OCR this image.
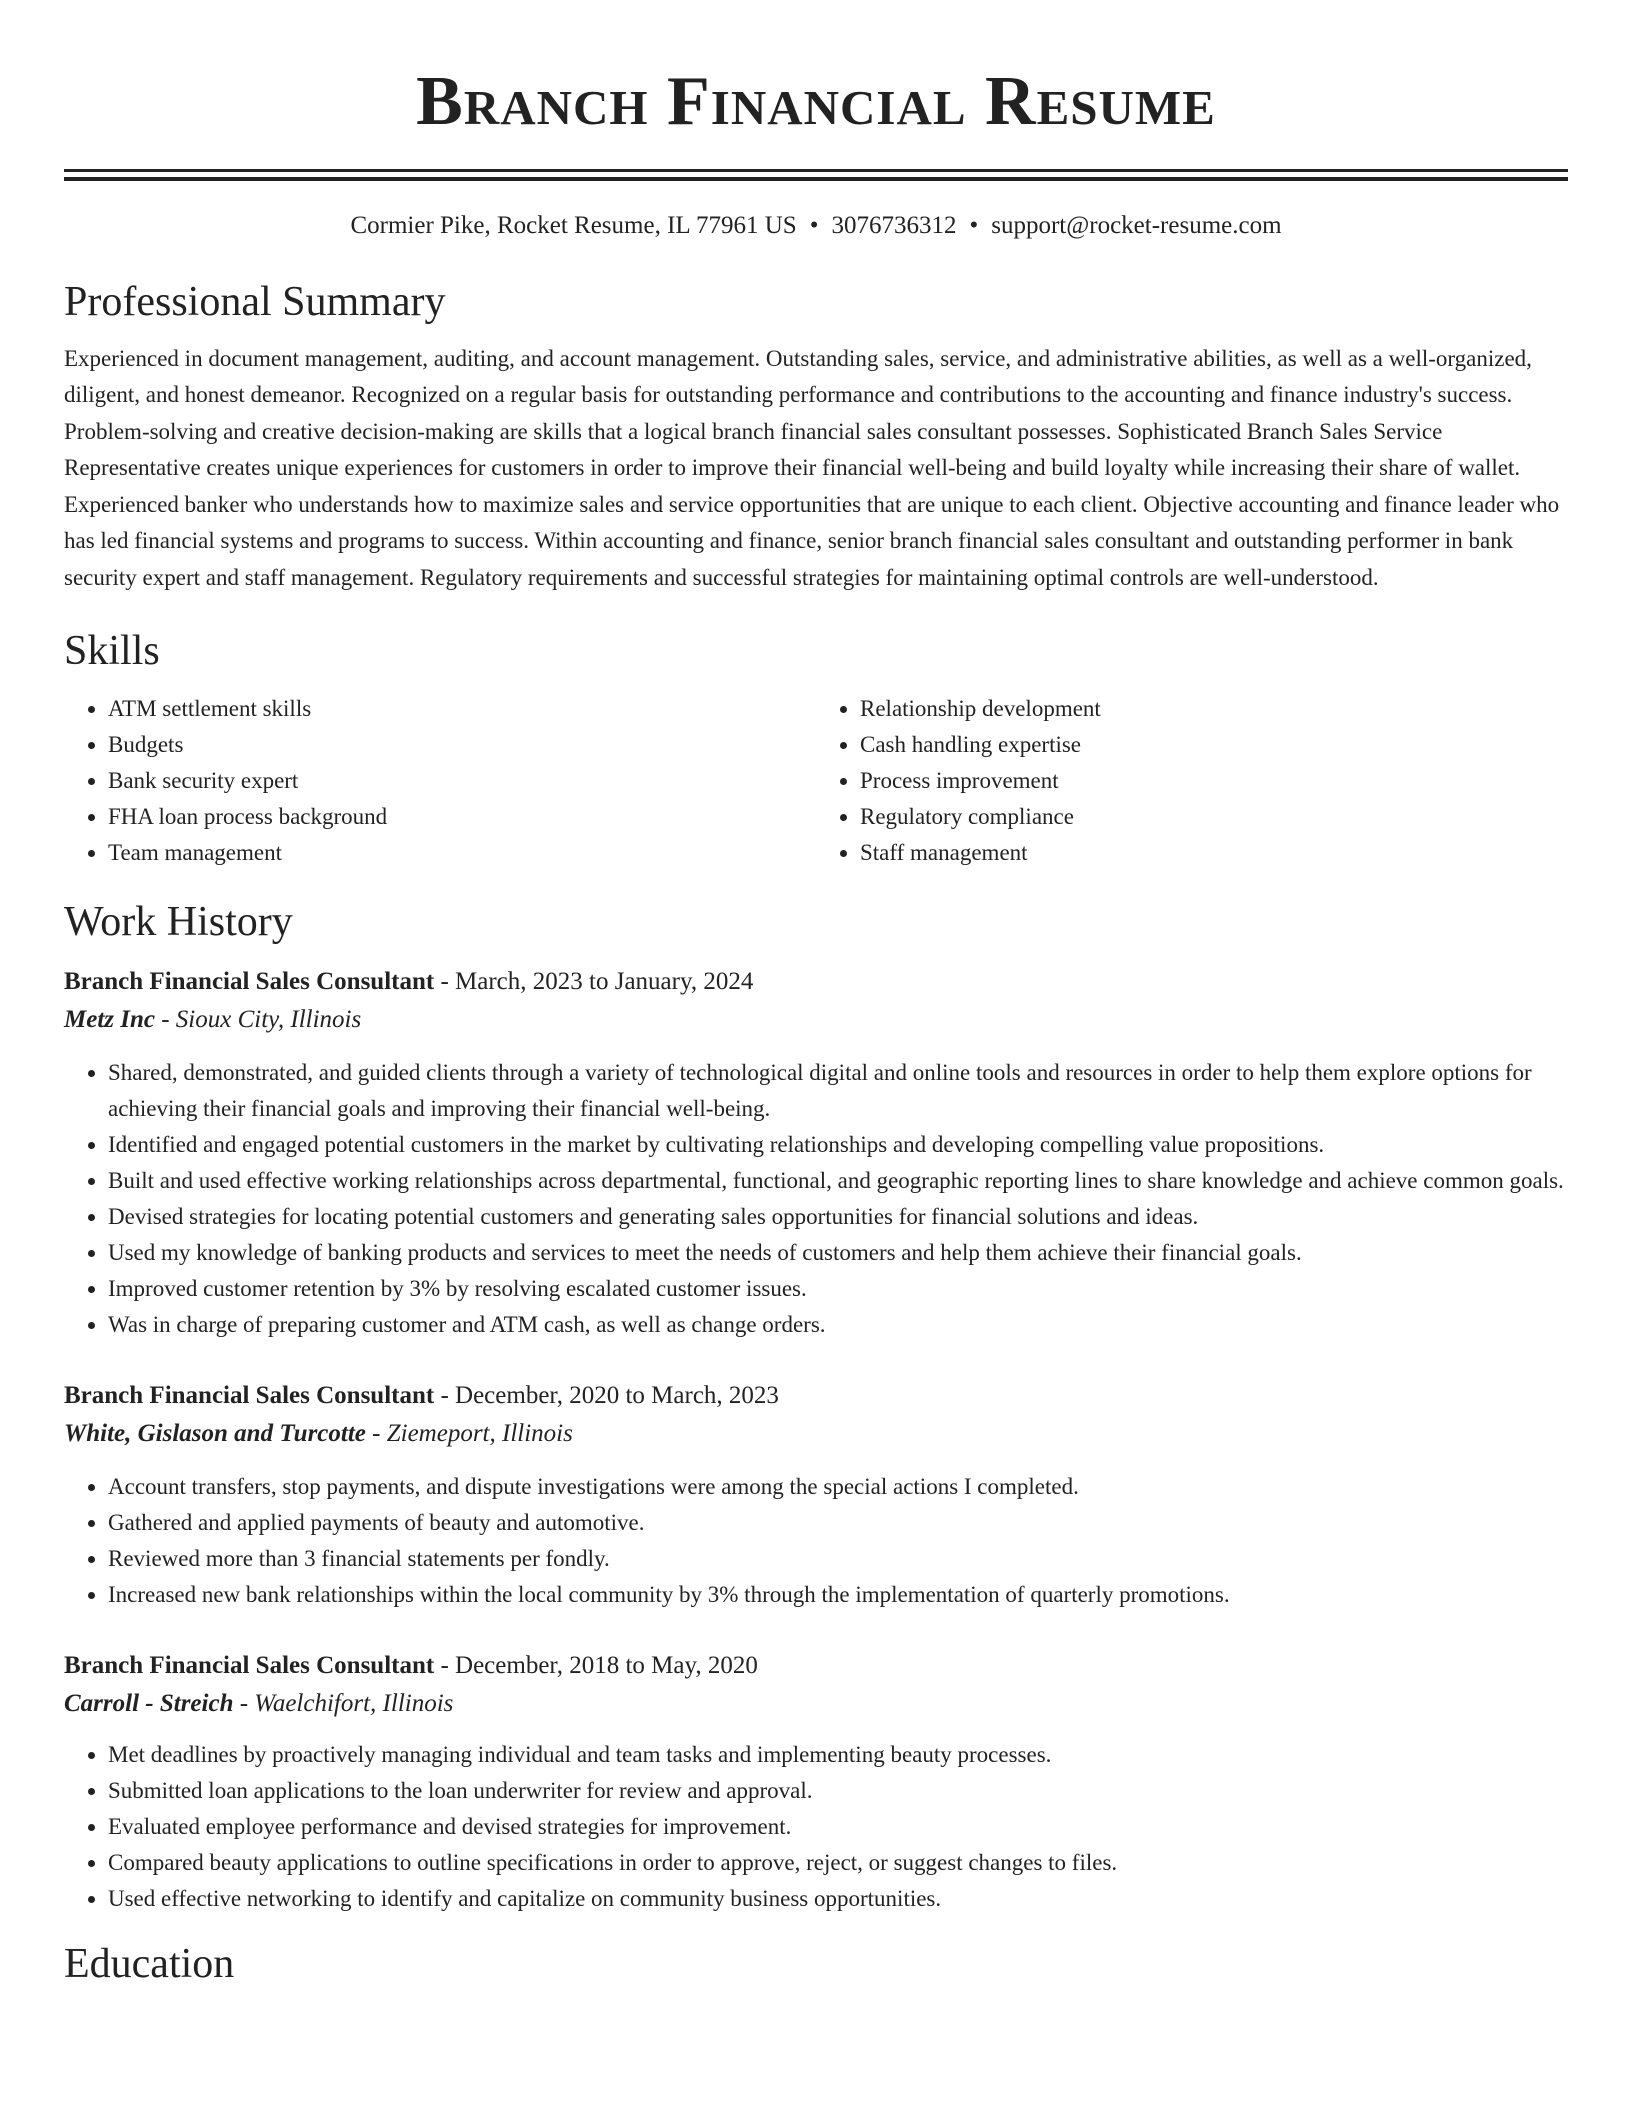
Branch Financial Resume
Cormier Pike, Rocket Resume, IL 77961 US • 3076736312 • support@rocket-resume.com
Professional Summary

Experienced in document management, auditing, and account management. Outstanding sales, service, and administrative abilities, as well as a well-organized, diligent, and honest demeanor. Recognized on a regular basis for outstanding performance and contributions to the accounting and finance industry's success. Problem-solving and creative decision-making are skills that a logical branch financial sales consultant possesses. Sophisticated Branch Sales Service Representative creates unique experiences for customers in order to improve their financial well-being and build loyalty while increasing their share of wallet. Experienced banker who understands how to maximize sales and service opportunities that are unique to each client. Objective accounting and finance leader who has led financial systems and programs to success. Within accounting and finance, senior branch financial sales consultant and outstanding performer in bank security expert and staff management. Regulatory requirements and successful strategies for maintaining optimal controls are well-understood.

Skills
• ATM settlement skills
• Budgets
• Bank security expert
• FHA loan process background
• Team management
• Relationship development
• Cash handling expertise
• Process improvement
• Regulatory compliance
• Staff management
Work History
Branch Financial Sales Consultant - March, 2023 to January, 2024
Metz Inc - Sioux City, Illinois
• Shared, demonstrated, and guided clients through a variety of technological digital and online tools and resources in order to help them explore options for achieving their financial goals and improving their financial well-being.
• Identified and engaged potential customers in the market by cultivating relationships and developing compelling value propositions.
• Built and used effective working relationships across departmental, functional, and geographic reporting lines to share knowledge and achieve common goals.
• Devised strategies for locating potential customers and generating sales opportunities for financial solutions and ideas.
• Used my knowledge of banking products and services to meet the needs of customers and help them achieve their financial goals.
• Improved customer retention by 3% by resolving escalated customer issues.
• Was in charge of preparing customer and ATM cash, as well as change orders.
Branch Financial Sales Consultant - December, 2020 to March, 2023
White, Gislason and Turcotte - Ziemeport, Illinois
• Account transfers, stop payments, and dispute investigations were among the special actions I completed.
• Gathered and applied payments of beauty and automotive.
• Reviewed more than 3 financial statements per fondly.
• Increased new bank relationships within the local community by 3% through the implementation of quarterly promotions.
Branch Financial Sales Consultant - December, 2018 to May, 2020
Carroll - Streich - Waelchifort, Illinois
• Met deadlines by proactively managing individual and team tasks and implementing beauty processes.
• Submitted loan applications to the loan underwriter for review and approval.
• Evaluated employee performance and devised strategies for improvement.
• Compared beauty applications to outline specifications in order to approve, reject, or suggest changes to files.
• Used effective networking to identify and capitalize on community business opportunities.
Education
